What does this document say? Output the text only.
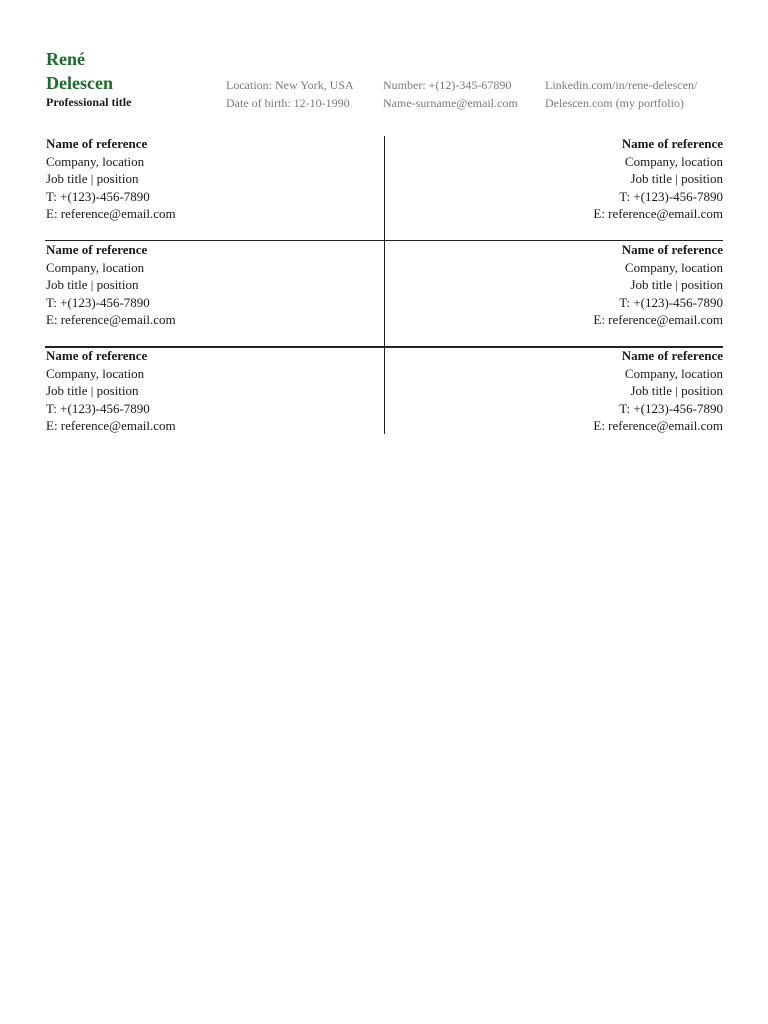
René
Delescen
Professional title
Location: New York, USA
Date of birth: 12-10-1990
Number: +(12)-345-67890
Name-surname@email.com
Linkedin.com/in/rene-delescen/
Delescen.com (my portfolio)
Name of reference
Company, location
Job title | position
T: +(123)-456-7890
E: reference@email.com
Name of reference
Company, location
Job title | position
T: +(123)-456-7890
E: reference@email.com
Name of reference
Company, location
Job title | position
T: +(123)-456-7890
E: reference@email.com
Name of reference
Company, location
Job title | position
T: +(123)-456-7890
E: reference@email.com
Name of reference
Company, location
Job title | position
T: +(123)-456-7890
E: reference@email.com
Name of reference
Company, location
Job title | position
T: +(123)-456-7890
E: reference@email.com
